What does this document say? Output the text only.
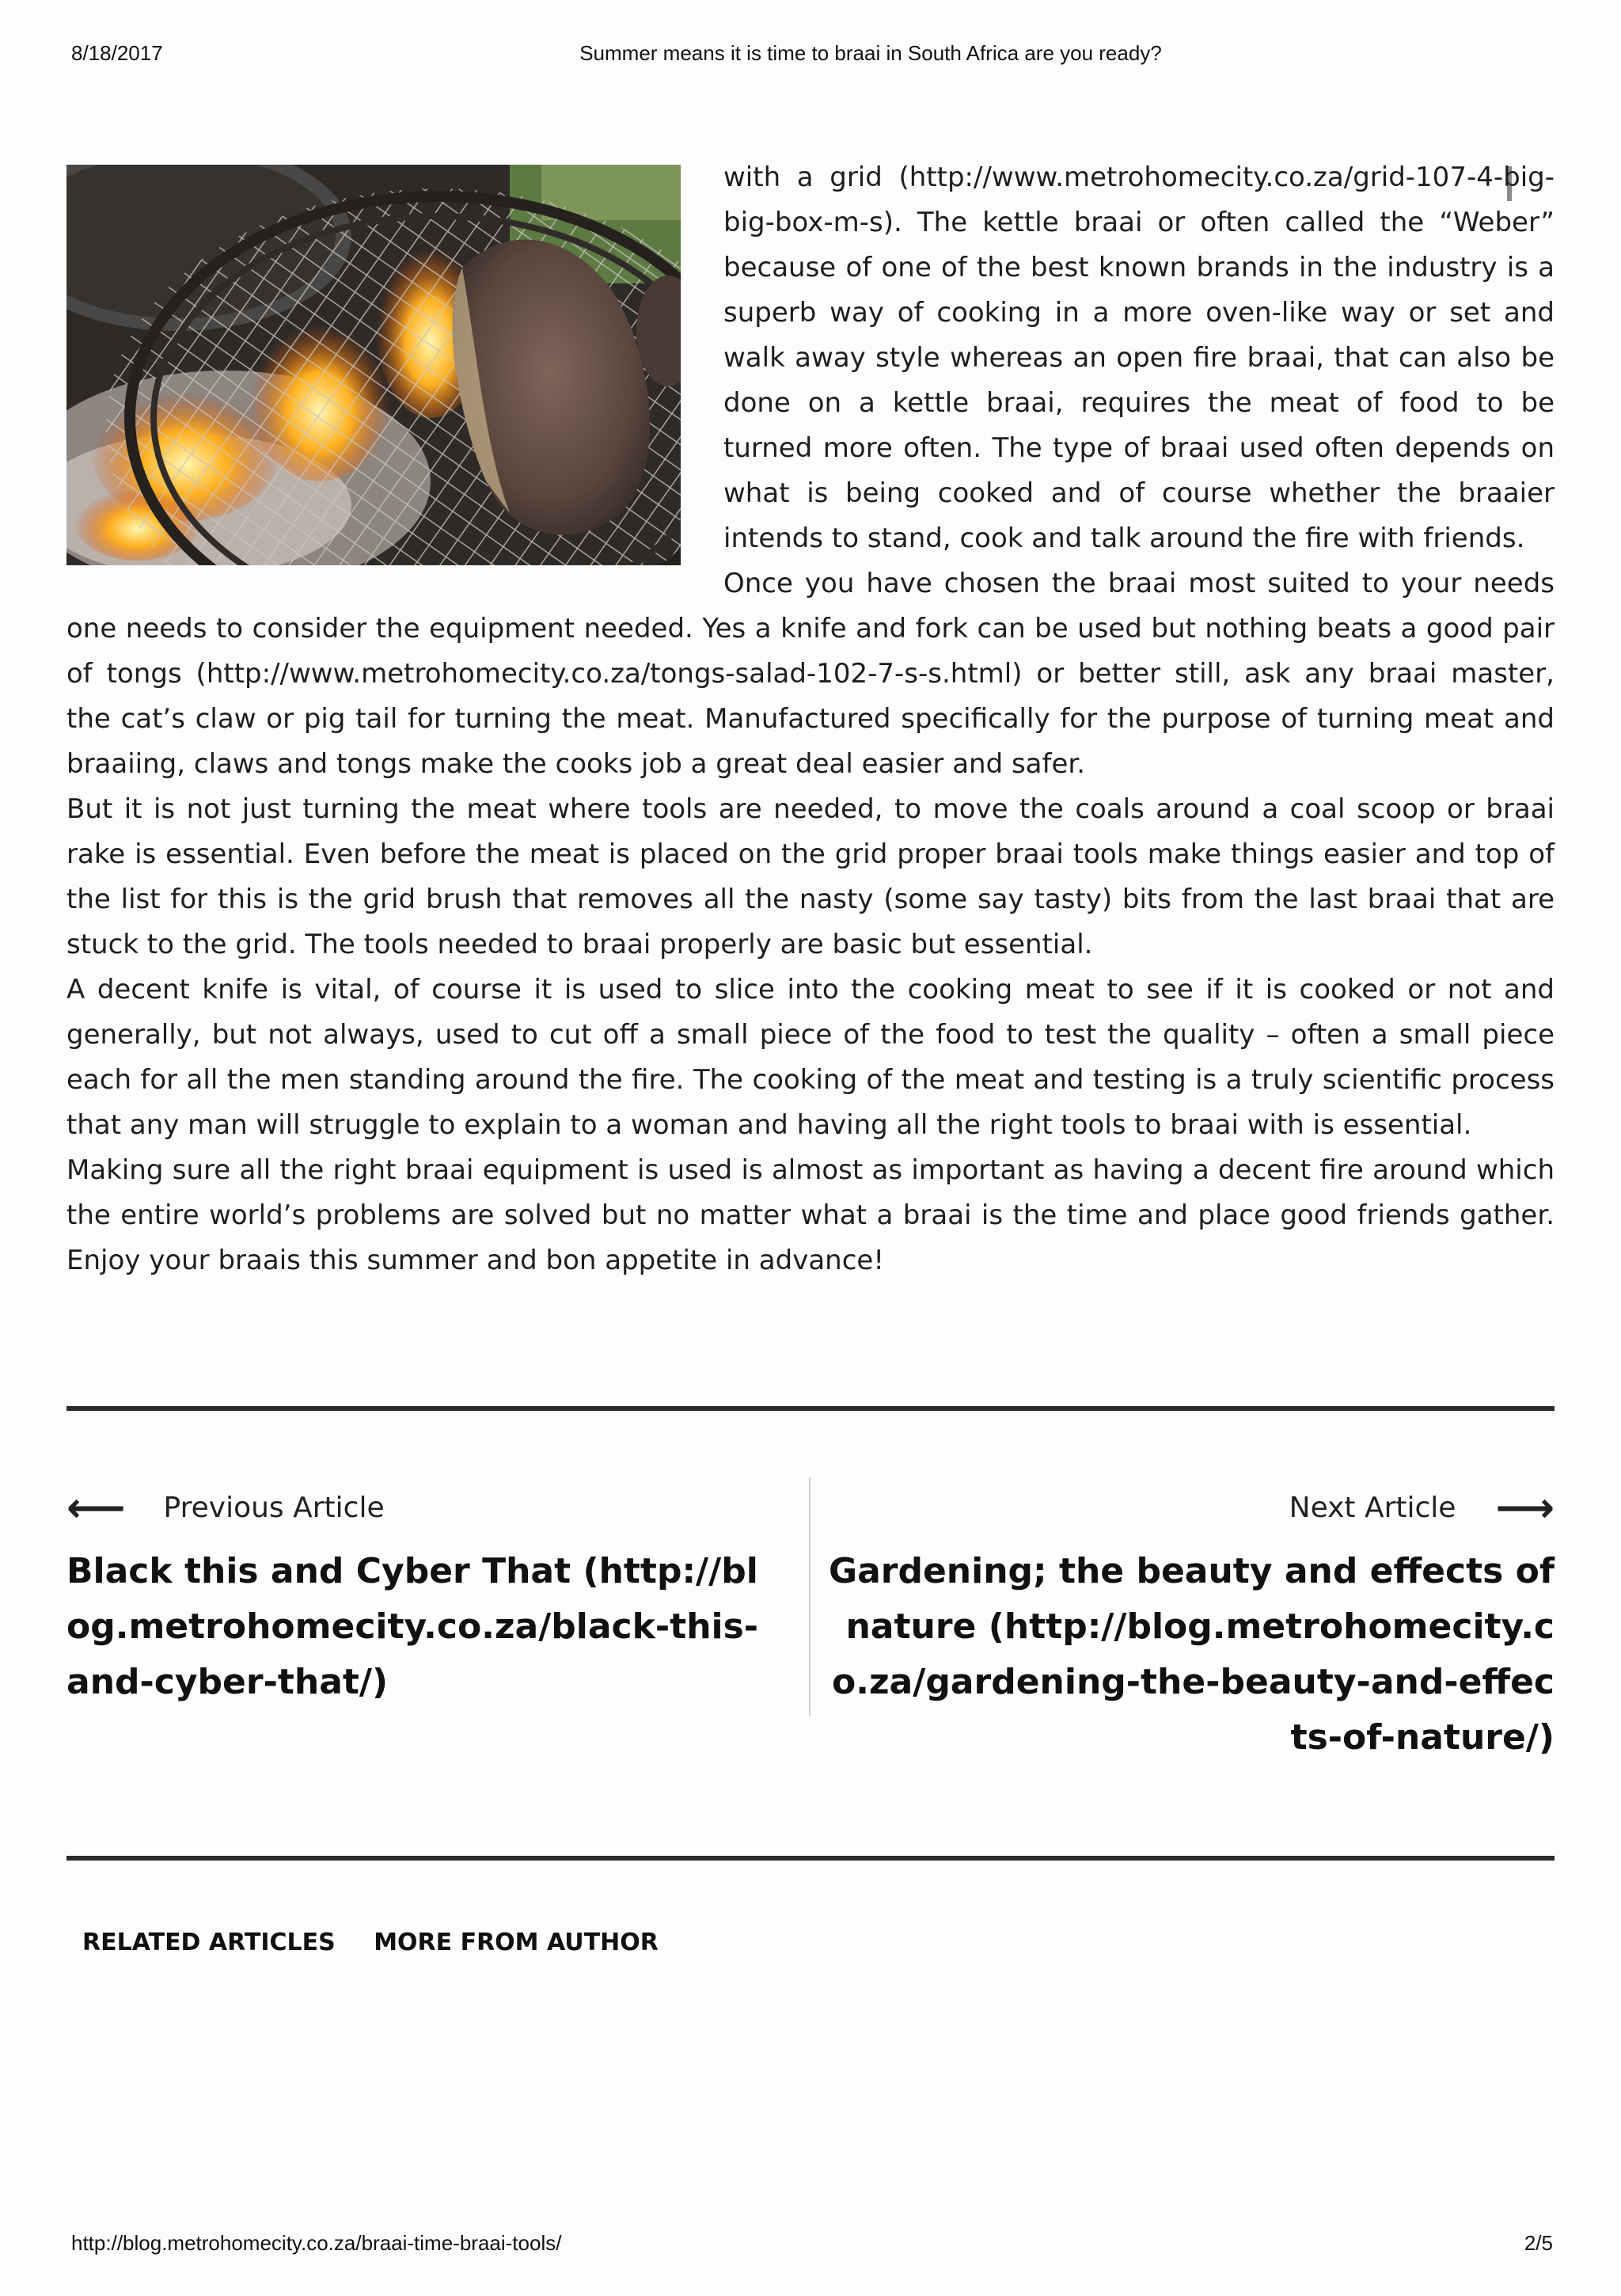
8/18/2017	Summer means it is time to braai in South Africa are you ready?

with a grid (http://www.metrohomecity.co.za/grid-107-4-big-big-box-m-s). The kettle braai or often called the “Weber” because of one of the best known brands in the industry is a superb way of cooking in a more oven-like way or set and walk away style whereas an open fire braai, that can also be done on a kettle braai, requires the meat of food to be turned more often. The type of braai used often depends on what is being cooked and of course whether the braaier intends to stand, cook and talk around the fire with friends.

Once you have chosen the braai most suited to your needs one needs to consider the equipment needed. Yes a knife and fork can be used but nothing beats a good pair of tongs (http://www.metrohomecity.co.za/tongs-salad-102-7-s-s.html) or better still, ask any braai master, the cat’s claw or pig tail for turning the meat. Manufactured specifically for the purpose of turning meat and braaiing, claws and tongs make the cooks job a great deal easier and safer.

But it is not just turning the meat where tools are needed, to move the coals around a coal scoop or braai rake is essential. Even before the meat is placed on the grid proper braai tools make things easier and top of the list for this is the grid brush that removes all the nasty (some say tasty) bits from the last braai that are stuck to the grid. The tools needed to braai properly are basic but essential.

A decent knife is vital, of course it is used to slice into the cooking meat to see if it is cooked or not and generally, but not always, used to cut off a small piece of the food to test the quality – often a small piece each for all the men standing around the fire. The cooking of the meat and testing is a truly scientific process that any man will struggle to explain to a woman and having all the right tools to braai with is essential.

Making sure all the right braai equipment is used is almost as important as having a decent fire around which the entire world’s problems are solved but no matter what a braai is the time and place good friends gather. Enjoy your braais this summer and bon appetite in advance!

⟵ Previous Article
Black this and Cyber That (http://blog.metrohomecity.co.za/black-this-and-cyber-that/)
Next Article ⟶
Gardening; the beauty and effects of nature (http://blog.metrohomecity.co.za/gardening-the-beauty-and-effects-of-nature/)
RELATED ARTICLES MORE FROM AUTHOR
http://blog.metrohomecity.co.za/braai-time-braai-tools/	2/5
